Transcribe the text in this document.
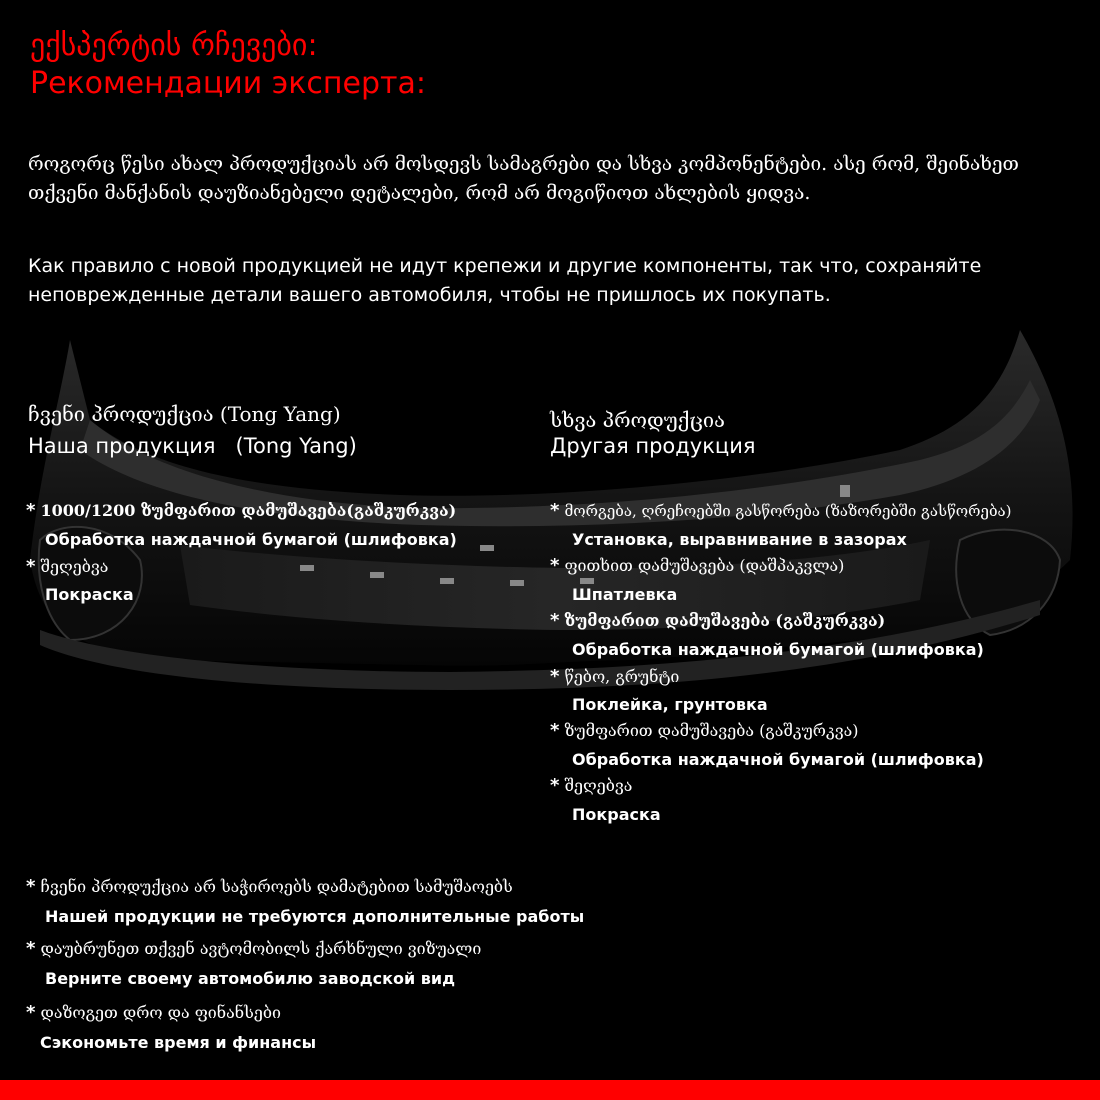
ექსპერტის რჩევები:
Рекомендации эксперта:
როგორც წესი ახალ პროდუქციას არ მოსდევს სამაგრები და სხვა კომპონენტები. ასე რომ, შეინახეთ თქვენი მანქანის დაუზიანებელი დეტალები, რომ არ მოგიწიოთ ახლების ყიდვა.
Как правило с новой продукцией не идут крепежи и другие компоненты, так что, сохраняйте неповрежденные детали вашего автомобиля, чтобы не пришлось их покупать.
ჩვენი პროდუქცია (Tong Yang)
Наша продукция   (Tong Yang)
* 1000/1200 ზუმფარით დამუშავება(გაშკურკვა)
Обработка наждачной бумагой (шлифовка)
* შეღებვა
Покраска
სხვა პროდუქცია
Другая продукция
* მორგება, ღრეჩოებში გასწორება (ზაზორებში გასწორება)
Установка, выравнивание в зазорах
* ფითხით დამუშავება (დაშპაკვლა)
Шпатлевка
* ზუმფარით დამუშავება (გაშკურკვა)
Обработка наждачной бумагой (шлифовка)
* წებო, გრუნტი
Поклейка, грунтовка
* ზუმფარით დამუშავება (გაშკურკვა)
Обработка наждачной бумагой (шлифовка)
* შეღებვა
Покраска
* ჩვენი პროდუქცია არ საჭიროებს დამატებით სამუშაოებს
Нашей продукции не требуются дополнительные работы
* დაუბრუნეთ თქვენ ავტომობილს ქარხნული ვიზუალი
Верните своему автомобилю заводской вид
* დაზოგეთ დრო და ფინანსები
Сэкономьте время и финансы
